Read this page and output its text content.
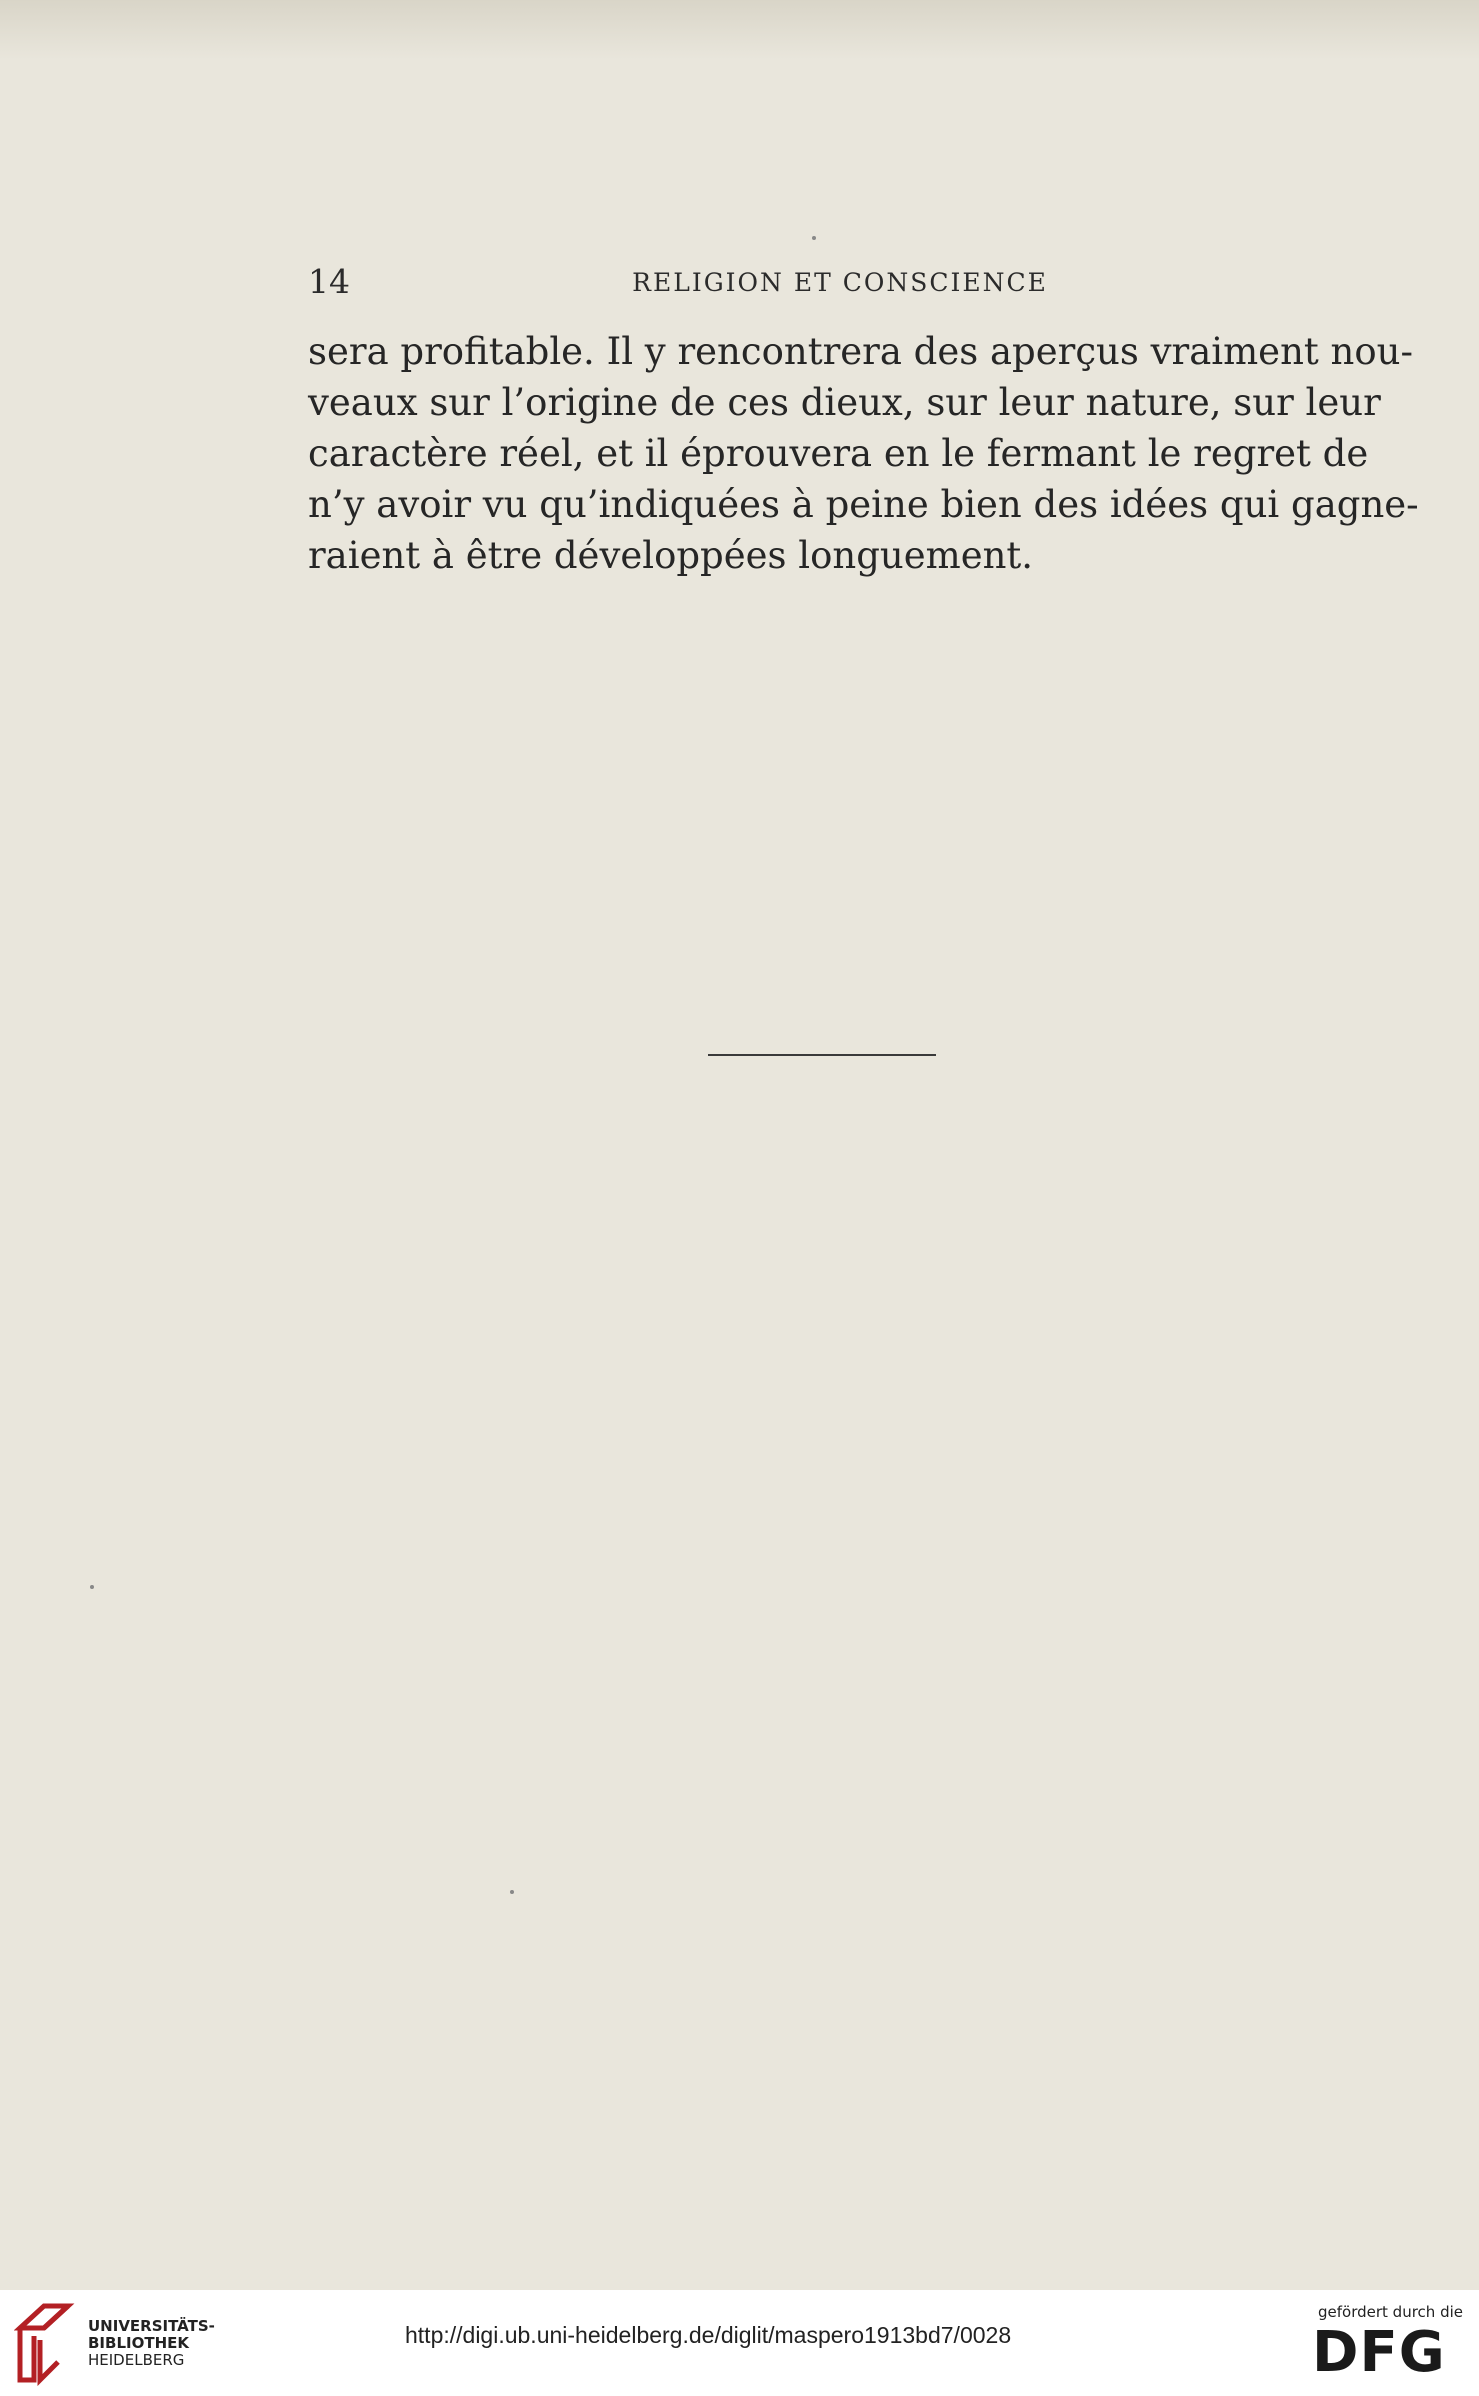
14	RELIGION ET CONSCIENCE
sera profitable. Il y rencontrera des aperçus vraiment nou-
veaux sur l’origine de ces dieux, sur leur nature, sur leur
caractère réel, et il éprouvera en le fermant le regret de
n’y avoir vu qu’indiquées à peine bien des idées qui gagne-
raient à être développées longuement.
UNIVERSITÄTS-
BIBLIOTHEK
HEIDELBERG
http://digi.ub.uni-heidelberg.de/diglit/maspero1913bd7/0028
gefördert durch die
DFG
